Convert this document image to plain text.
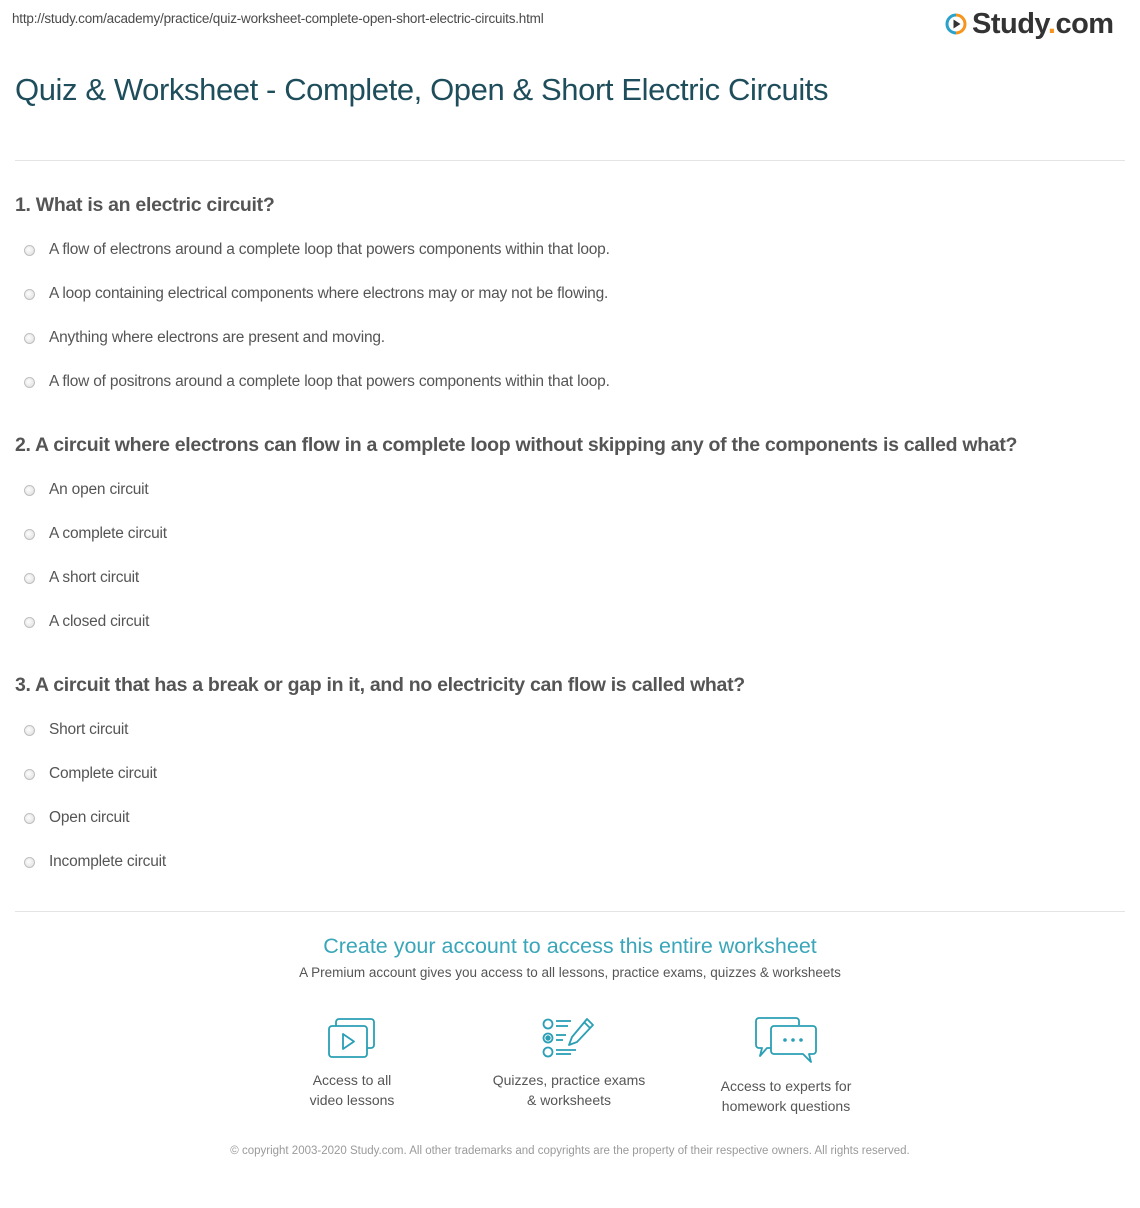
http://study.com/academy/practice/quiz-worksheet-complete-open-short-electric-circuits.html	Study.com
Quiz & Worksheet - Complete, Open & Short Electric Circuits

1. What is an electric circuit?

A flow of electrons around a complete loop that powers components within that loop.
A loop containing electrical components where electrons may or may not be flowing.
Anything where electrons are present and moving.
A flow of positrons around a complete loop that powers components within that loop.

2. A circuit where electrons can flow in a complete loop without skipping any of the components is called what?

An open circuit
A complete circuit
A short circuit
A closed circuit

3. A circuit that has a break or gap in it, and no electricity can flow is called what?

Short circuit
Complete circuit
Open circuit
Incomplete circuit
Create your account to access this entire worksheet
A Premium account gives you access to all lessons, practice exams, quizzes & worksheets
Access to all
video lessons
Quizzes, practice exams
& worksheets
Access to experts for
homework questions
© copyright 2003-2020 Study.com. All other trademarks and copyrights are the property of their respective owners. All rights reserved.
